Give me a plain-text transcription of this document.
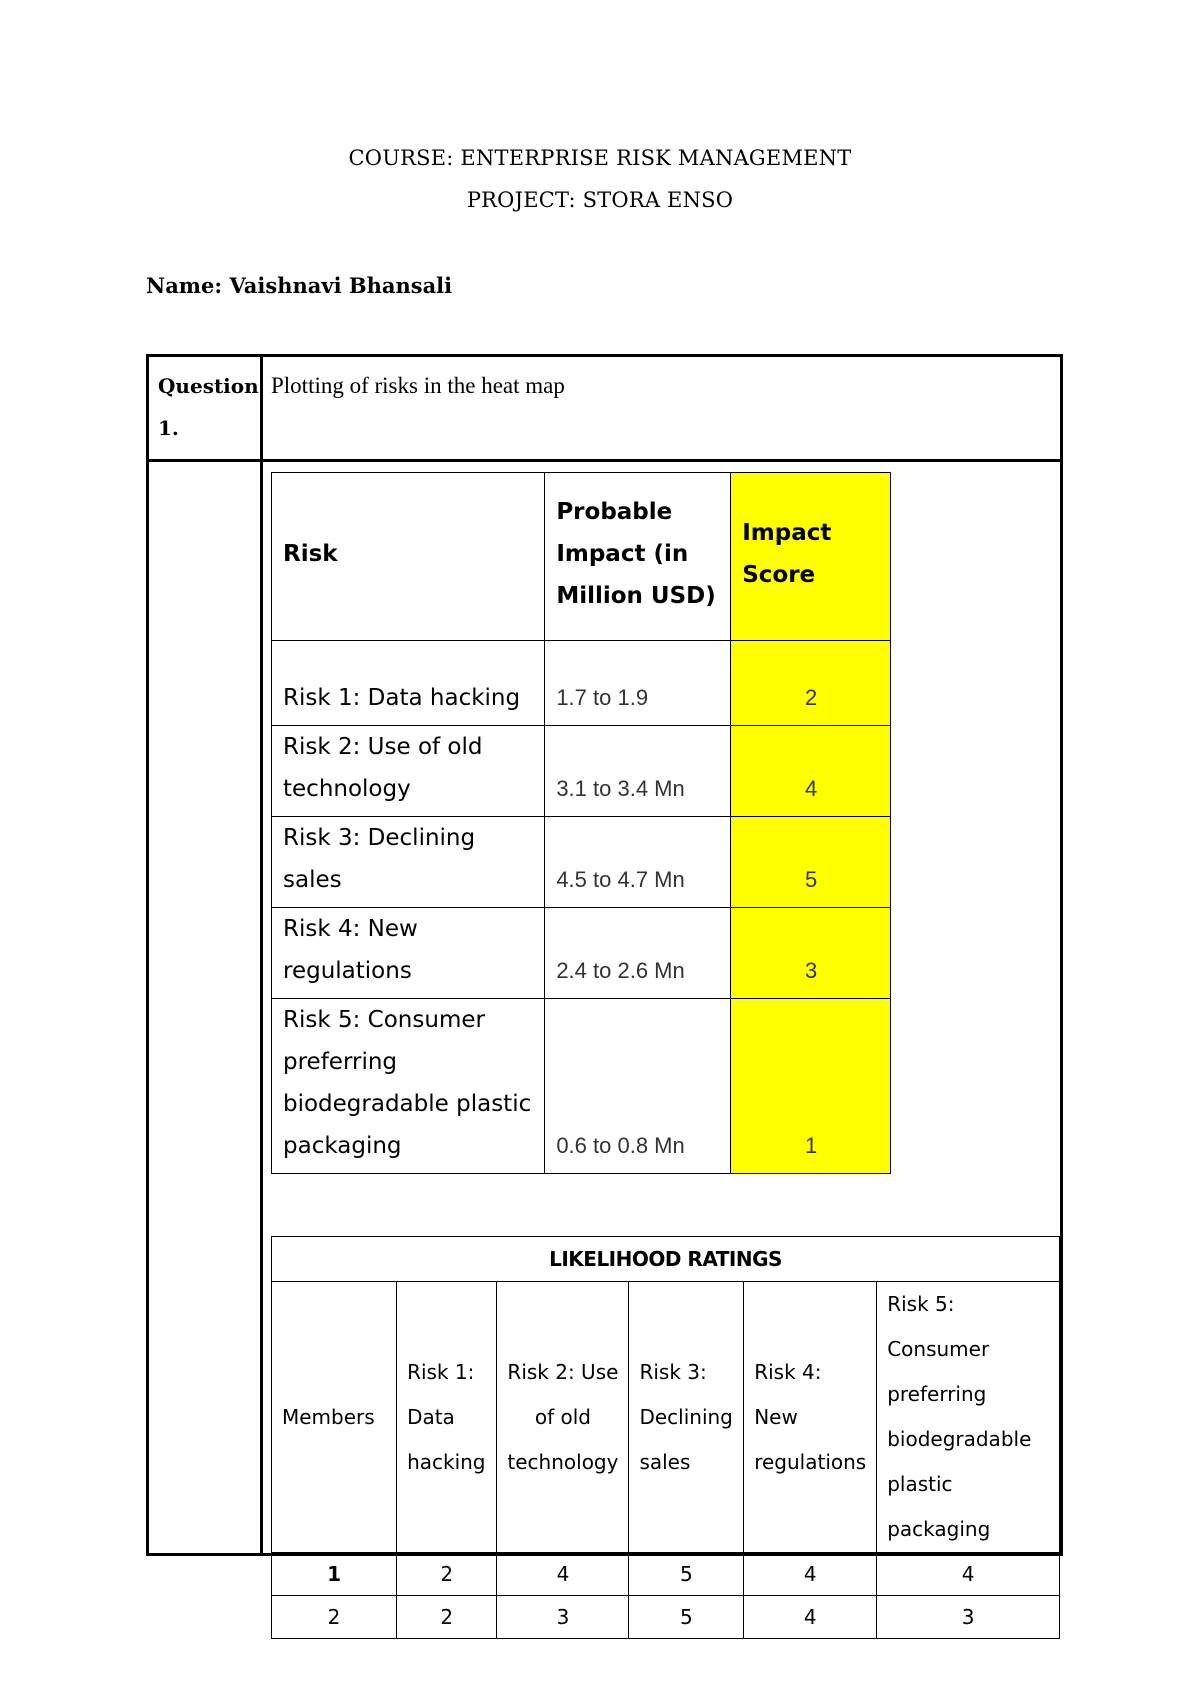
COURSE: ENTERPRISE RISK MANAGEMENT
PROJECT: STORA ENSO
Name: Vaishnavi Bhansali
Question 1.
Plotting of risks in the heat map
Risk	Probable Impact (in Million USD)	Impact Score
Risk 1: Data hacking	1.7 to 1.9	2
Risk 2: Use of old technology	3.1 to 3.4 Mn	4
Risk 3: Declining sales	4.5 to 4.7 Mn	5
Risk 4: New regulations	2.4 to 2.6 Mn	3
Risk 5: Consumer preferring biodegradable plastic packaging	0.6 to 0.8 Mn	1
LIKELIHOOD RATINGS					
Members	Risk 1: Data hacking	Risk 2: Use of old technology	Risk 3: Declining sales	Risk 4: New regulations	Risk 5: Consumer preferring biodegradable plastic packaging
1	2	4	5	4	4
2	2	3	5	4	3
